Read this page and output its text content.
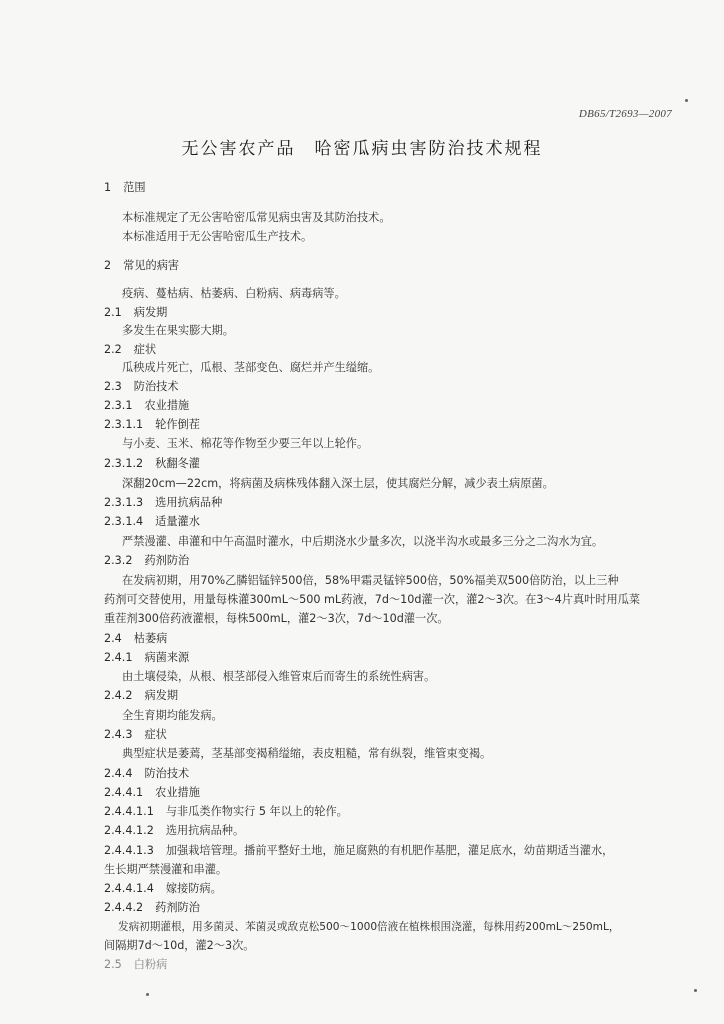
DB65/T2693—2007
无公害农产品　哈密瓜病虫害防治技术规程
1 范围
本标准规定了无公害哈密瓜常见病虫害及其防治技术。
本标准适用于无公害哈密瓜生产技术。
2 常见的病害
疫病、蔓枯病、枯萎病、白粉病、病毒病等。
2.1 病发期
多发生在果实膨大期。
2.2 症状
瓜秧成片死亡，瓜根、茎部变色、腐烂并产生缢缩。
2.3 防治技术
2.3.1 农业措施
2.3.1.1 轮作倒茬
与小麦、玉米、棉花等作物至少要三年以上轮作。
2.3.1.2 秋翻冬灌
深翻20cm—22cm，将病菌及病株残体翻入深土层，使其腐烂分解，减少表土病原菌。
2.3.1.3 选用抗病品种
2.3.1.4 适量灌水
严禁漫灌、串灌和中午高温时灌水，中后期浇水少量多次，以浇半沟水或最多三分之二沟水为宜。
2.3.2 药剂防治
在发病初期，用70%乙膦铝锰锌500倍，58%甲霜灵锰锌500倍，50%福美双500倍防治，以上三种
药剂可交替使用，用量每株灌300mL～500 mL药液，7d～10d灌一次，灌2～3次。在3～4片真叶时用瓜菜
重茬剂300倍药液灌根，每株500mL，灌2～3次，7d～10d灌一次。
2.4 枯萎病
2.4.1 病菌来源
由土壤侵染，从根、根茎部侵入维管束后而寄生的系统性病害。
2.4.2 病发期
全生育期均能发病。
2.4.3 症状
典型症状是萎蔫，茎基部变褐稍缢缩，表皮粗糙，常有纵裂，维管束变褐。
2.4.4 防治技术
2.4.4.1 农业措施
2.4.4.1.1 与非瓜类作物实行 5 年以上的轮作。
2.4.4.1.2 选用抗病品种。
2.4.4.1.3 加强栽培管理。播前平整好土地，施足腐熟的有机肥作基肥，灌足底水，幼苗期适当灌水，
生长期严禁漫灌和串灌。
2.4.4.1.4 嫁接防病。
2.4.4.2 药剂防治
发病初期灌根，用多菌灵、苯菌灵或敌克松500～1000倍液在植株根围浇灌，每株用药200mL～250mL，
间隔期7d～10d，灌2～3次。
2.5 白粉病
